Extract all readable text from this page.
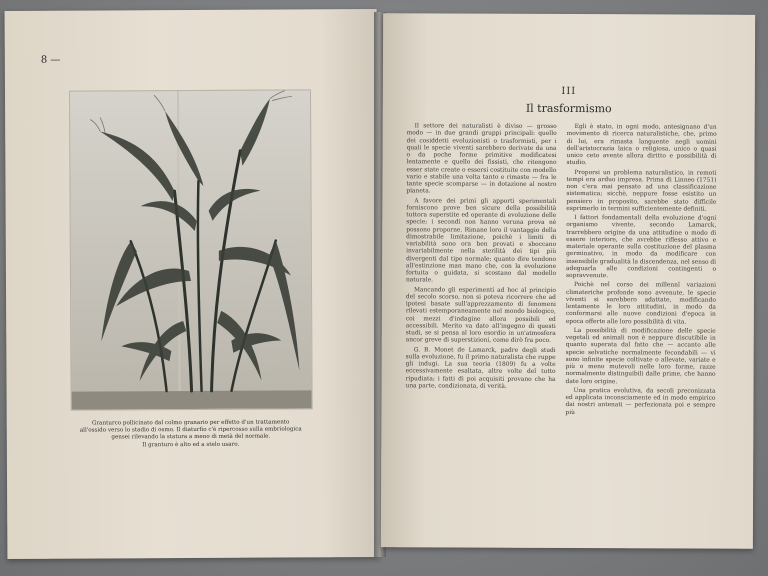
8 —

Granturco pollicinato dal colmo granario per effetto d'un trattamento

all'ossido verso lo stadio di osmo. Il diaturfio c'è ripercosso sulla embriologica

gensei rilevando la statura a meno di metà del normale.

Il granturo è alto ed a stelo usaro.

III
Il trasformismo

Il settore dei naturalisti è diviso — grosso modo — in due grandi gruppi principali: quello dei cosiddetti evoluzionisti o trasformisti, per i quali le specie viventi sarebbero derivate da una o da poche forme primitive modificatesi lentamente e quello dei fissisti, che ritengono esser state create o essersi costituite con modello vario e stabile una volta tanto e rimaste — fra le tante specie scomparse — in dotazione al nostro pianeta.

A favore dei primi gli apporti sperimentali forniscono prove ben sicure della possibilità tuttora superstite ed operante di evoluzione delle specie; i secondi non hanno veruna prova nè possono proporne. Rimane loro il vantaggio della dimostrabile limitazione, poichè i limiti di variabilità sono ora ben provati e sboccano invariabilmente nella sterilità dei tipi più divergenti dal tipo normale; quanto dire tendono all'estinzione man mano che, con la evoluzione fortuita o guidata, si scostano dal modello naturale.

Mancando gli esperimenti ad hoc al principio del secolo scorso, non si poteva ricorrere che ad ipotesi basate sull'apprezzamento di fenomeni rilevati estemporaneamente nel mondo biologico, coi mezzi d'indagine allora possibili ed accessibili. Merito va dato all'ingegno di questi studi, se si pensa al loro esordio in un'atmosfera ancor greve di superstizioni, come dirò fra poco.

G. B. Monet de Lamarck, padre degli studi sulla evoluzione, fu il primo naturalista che ruppe gli indugi. La sua teoria (1809) fu a volte eccessivamente esaltata, altre volte del tutto ripudiata; i fatti di poi acquisiti provano che ha una parte, condizionata, di verità.

Egli è stato, in ogni modo, antesignano d'un movimento di ricerca naturalistiche, che, primo di lui, era rimasta languente negli uomini dell'aristocrazia laica o religiosa, unico o quasi unico ceto avente allora diritto e possibilità di studio.

Proporsi un problema naturalistico, in remoti tempi era arduo impresa. Prima di Linneo (1751) non c'era mai pensato ad una classificazione sistematica; sicchè, neppure fosse esistito un pensiero in proposito, sarebbe stato difficile esprimerlo in termini sufficientemente definiti.

I fattori fondamentali della evoluzione d'ogni organismo vivente, secondo Lamarck, trarrebbero origine da una attitudine o modo di essere interiore, che avrebbe riflesso attivo e materiale operante sulla costituzione del plasma germinativo, in modo da modificare con insensibile gradualità la discendenza, nel senso di adeguarla alle condizioni contingenti o sopravvenute.

Poichè nel corso dei millennî variazioni climateriche profonde sono avvenute, le specie viventi si sarebbero adattate, modificando lentamente le loro attitudini, in modo da conformarsi alle nuove condizioni d'epoca in epoca offerte alle loro possibilità di vita.

La possibilità di modificazione delle specie vegetali ed animali non è neppure discutibile in quanto superata dal fatto che — accanto alle specie selvatiche normalmente fecondabili — vi sono infinite specie coltivate o allevate, variate e più o meno mutevoli nelle loro forme, razze normalmente distinguibili dalle prime, che hanno date loro origine.

Una pratica evolutiva, da secoli preconizzata ed applicata inconsciamente ed in modo empirico dai nostri antenati — perfezionata poi e sempre più
